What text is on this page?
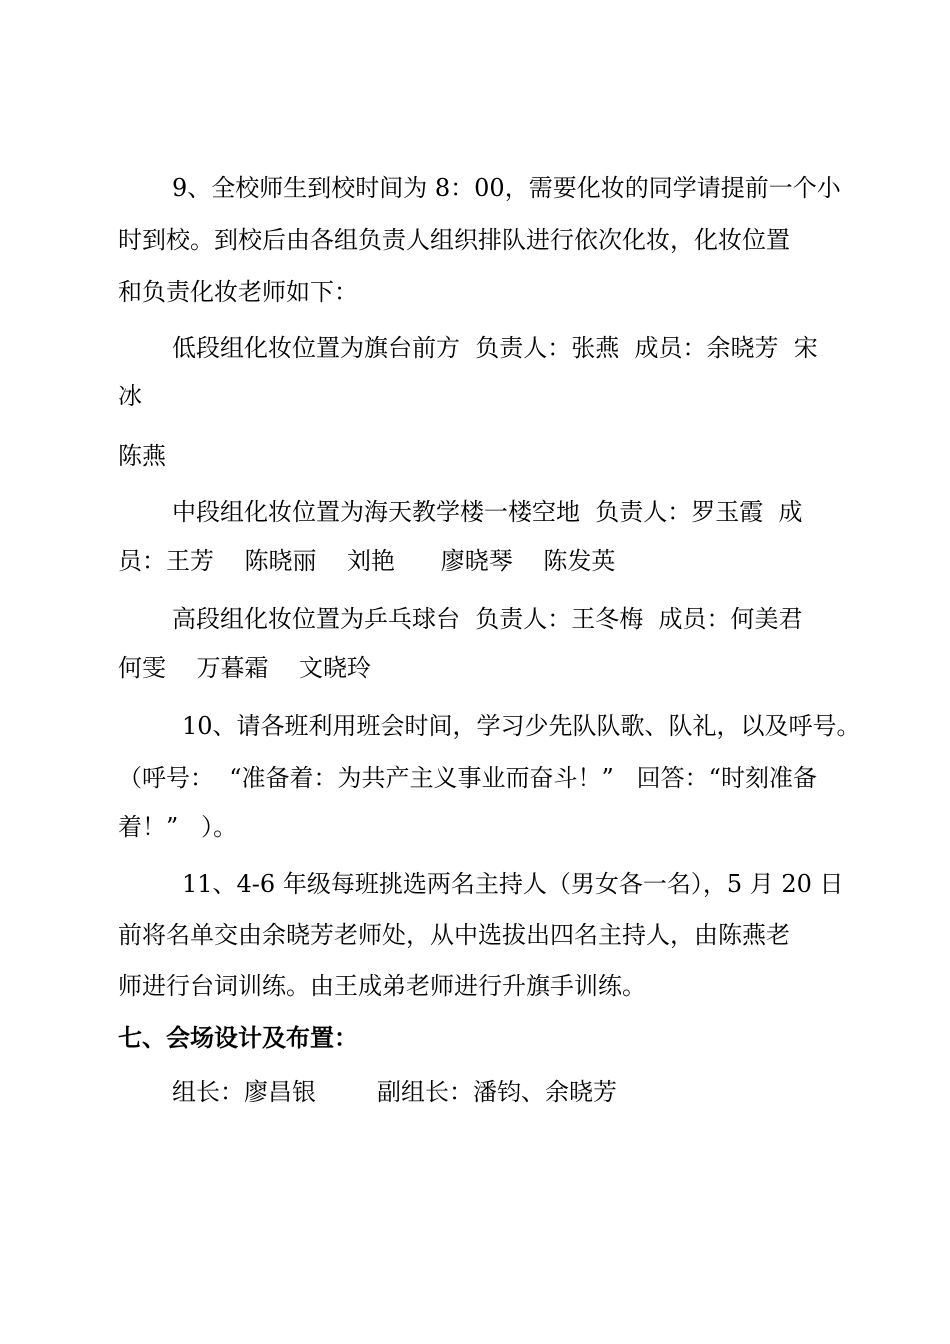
9、全校师生到校时间为 8：00，需要化妆的同学请提前一个小
时到校。到校后由各组负责人组织排队进行依次化妆，化妆位置
和负责化妆老师如下：
低段组化妆位置为旗台前方  负责人：张燕  成员：余晓芳  宋
冰
陈燕
中段组化妆位置为海天教学楼一楼空地  负责人：罗玉霞  成
员：王芳    陈晓丽    刘艳      廖晓琴    陈发英
高段组化妆位置为乒乓球台  负责人：王冬梅  成员：何美君
何雯    万暮霜    文晓玲
10、请各班利用班会时间，学习少先队队歌、队礼，以及呼号。
（呼号：  “准备着：为共产主义事业而奋斗！”   回答：“时刻准备
着！”   ）。
11、4-6 年级每班挑选两名主持人（男女各一名），5 月 20 日
前将名单交由余晓芳老师处，从中选拔出四名主持人，由陈燕老
师进行台词训练。由王成弟老师进行升旗手训练。
七、会场设计及布置：
组长：廖昌银        副组长：潘钧、余晓芳
